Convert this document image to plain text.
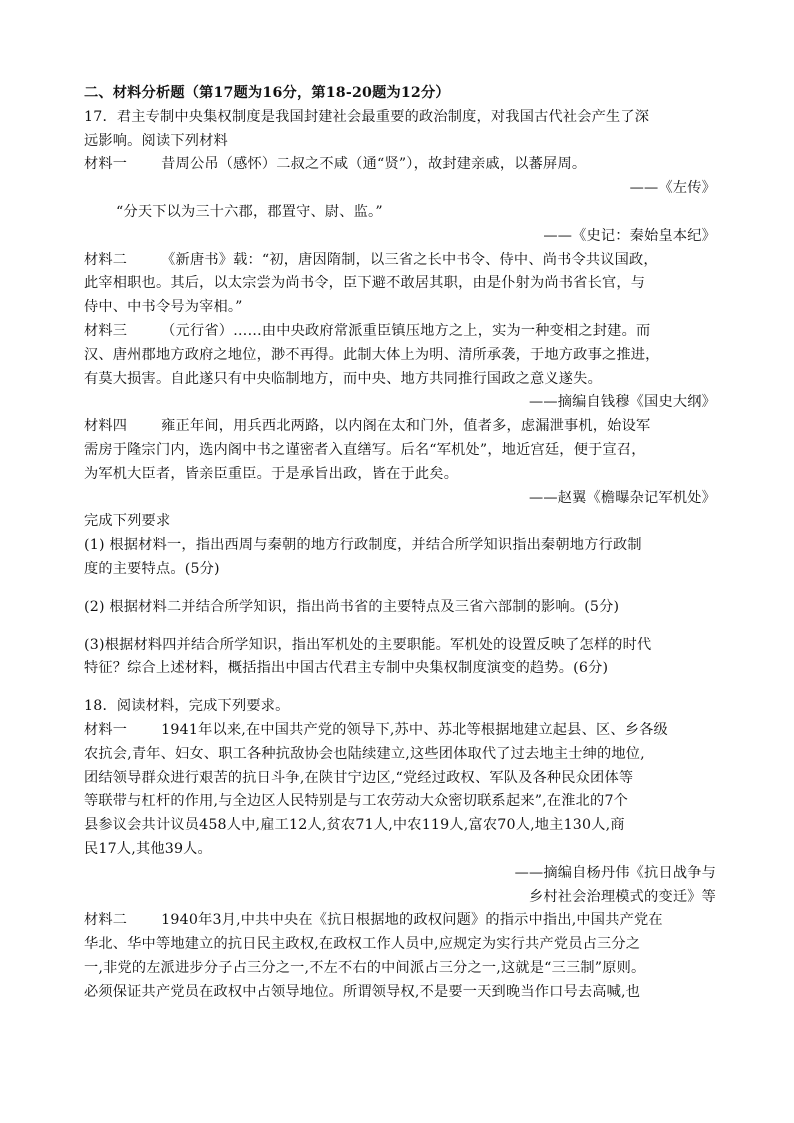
二、材料分析题（第17题为16分，第18-20题为12分）
17．君主专制中央集权制度是我国封建社会最重要的政治制度，对我国古代社会产生了深
远影响。阅读下列材料
材料一 昔周公吊（感怀）二叔之不咸（通“贤”），故封建亲戚，以蕃屏周。
——《左传》
“分天下以为三十六郡，郡置守、尉、监。”
——《史记：秦始皇本纪》
材料二 《新唐书》载：“初，唐因隋制，以三省之长中书令、侍中、尚书令共议国政，
此宰相职也。其后，以太宗尝为尚书令，臣下避不敢居其职，由是仆射为尚书省长官，与
侍中、中书令号为宰相。”
材料三 （元行省）……由中央政府常派重臣镇压地方之上，实为一种变相之封建。而
汉、唐州郡地方政府之地位，渺不再得。此制大体上为明、清所承袭，于地方政事之推进，
有莫大损害。自此遂只有中央临制地方，而中央、地方共同推行国政之意义遂失。
——摘编自钱穆《国史大纲》
材料四 雍正年间，用兵西北两路，以内阁在太和门外，值者多，虑漏泄事机，始设军
需房于隆宗门内，选内阁中书之谨密者入直缮写。后名“军机处”，地近宫廷，便于宣召，
为军机大臣者，皆亲臣重臣。于是承旨出政，皆在于此矣。
——赵翼《檐曝杂记军机处》
完成下列要求
(1) 根据材料一，指出西周与秦朝的地方行政制度，并结合所学知识指出秦朝地方行政制
度的主要特点。(5分)
(2) 根据材料二并结合所学知识，指出尚书省的主要特点及三省六部制的影响。(5分)
(3)根据材料四并结合所学知识，指出军机处的主要职能。军机处的设置反映了怎样的时代
特征？综合上述材料，概括指出中国古代君主专制中央集权制度演变的趋势。(6分)
18．阅读材料，完成下列要求。
材料一 1941年以来,在中国共产党的领导下,苏中、苏北等根据地建立起县、区、乡各级
农抗会,青年、妇女、职工各种抗敌协会也陆续建立,这些团体取代了过去地主士绅的地位,
团结领导群众进行艰苦的抗日斗争,在陕甘宁边区,“党经过政权、军队及各种民众团体等
等联带与杠杆的作用,与全边区人民特别是与工农劳动大众密切联系起来”,在淮北的7个
县参议会共计议员458人中,雇工12人,贫农71人,中农119人,富农70人,地主130人,商
民17人,其他39人。
——摘编自杨丹伟《抗日战争与
乡村社会治理模式的变迁》等
材料二 1940年3月,中共中央在《抗日根据地的政权问题》的指示中指出,中国共产党在
华北、华中等地建立的抗日民主政权,在政权工作人员中,应规定为实行共产党员占三分之
一,非党的左派进步分子占三分之一,不左不右的中间派占三分之一,这就是“三三制”原则。
必须保证共产党员在政权中占领导地位。所谓领导权,不是要一天到晚当作口号去高喊,也
